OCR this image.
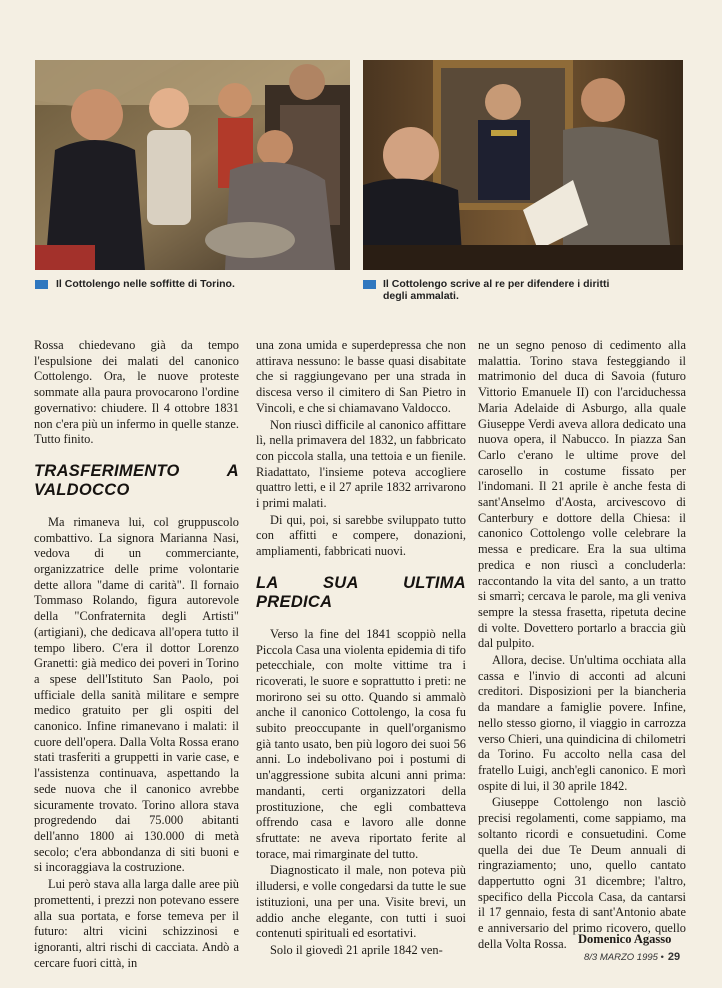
Il Cottolengo nelle soffitte di Torino.	Il Cottolengo scrive al re per difendere i diritti degli ammalati.

Rossa chiedevano già da tempo l'espulsione dei malati del canonico Cottolengo. Ora, le nuove proteste sommate alla paura provocarono l'ordine governativo: chiudere. Il 4 ottobre 1831 non c'era più un infermo in quelle stanze. Tutto finito.

TRASFERIMENTO A VALDOCCO

Ma rimaneva lui, col gruppuscolo combattivo. La signora Marianna Nasi, vedova di un commerciante, organizzatrice delle prime volontarie dette allora "dame di carità". Il fornaio Tommaso Rolando, figura autorevole della "Confraternita degli Artisti" (artigiani), che dedicava all'opera tutto il tempo libero. C'era il dottor Lorenzo Granetti: già medico dei poveri in Torino a spese dell'Istituto San Paolo, poi ufficiale della sanità militare e sempre medico gratuito per gli ospiti del canonico. Infine rimanevano i malati: il cuore dell'opera. Dalla Volta Rossa erano stati trasferiti a gruppetti in varie case, e l'assistenza continuava, aspettando la sede nuova che il canonico avrebbe sicuramente trovato. Torino allora stava progredendo dai 75.000 abitanti dell'anno 1800 ai 130.000 di metà secolo; c'era abbondanza di siti buoni e si incoraggiava la costruzione.

Lui però stava alla larga dalle aree più promettenti, i prezzi non potevano essere alla sua portata, e forse temeva per il futuro: altri vicini schizzinosi e ignoranti, altri rischi di cacciata. Andò a cercare fuori città, in

una zona umida e superdepressa che non attirava nessuno: le basse quasi disabitate che si raggiungevano per una strada in discesa verso il cimitero di San Pietro in Vincoli, e che si chiamavano Valdocco.

Non riuscì difficile al canonico affittare lì, nella primavera del 1832, un fabbricato con piccola stalla, una tettoia e un fienile. Riadattato, l'insieme poteva accogliere quattro letti, e il 27 aprile 1832 arrivarono i primi malati.

Di qui, poi, si sarebbe sviluppato tutto con affitti e compere, donazioni, ampliamenti, fabbricati nuovi.

LA SUA ULTIMA PREDICA

Verso la fine del 1841 scoppiò nella Piccola Casa una violenta epidemia di tifo petecchiale, con molte vittime tra i ricoverati, le suore e soprattutto i preti: ne morirono sei su otto. Quando si ammalò anche il canonico Cottolengo, la cosa fu subito preoccupante in quell'organismo già tanto usato, ben più logoro dei suoi 56 anni. Lo indebolivano poi i postumi di un'aggressione subita alcuni anni prima: mandanti, certi organizzatori della prostituzione, che egli combatteva offrendo casa e lavoro alle donne sfruttate: ne aveva riportato ferite al torace, mai rimarginate del tutto.

Diagnosticato il male, non poteva più illudersi, e volle congedarsi da tutte le sue istituzioni, una per una. Visite brevi, un addio anche elegante, con tutti i suoi contenuti spirituali ed esortativi.

Solo il giovedì 21 aprile 1842 ven-

ne un segno penoso di cedimento alla malattia. Torino stava festeggiando il matrimonio del duca di Savoia (futuro Vittorio Emanuele II) con l'arciduchessa Maria Adelaide di Asburgo, alla quale Giuseppe Verdi aveva allora dedicato una nuova opera, il Nabucco. In piazza San Carlo c'erano le ultime prove del carosello in costume fissato per l'indomani. Il 21 aprile è anche festa di sant'Anselmo d'Aosta, arcivescovo di Canterbury e dottore della Chiesa: il canonico Cottolengo volle celebrare la messa e predicare. Era la sua ultima predica e non riuscì a concluderla: raccontando la vita del santo, a un tratto si smarrì; cercava le parole, ma gli veniva sempre la stessa frasetta, ripetuta decine di volte. Dovettero portarlo a braccia giù dal pulpito.

Allora, decise. Un'ultima occhiata alla cassa e l'invio di acconti ad alcuni creditori. Disposizioni per la biancheria da mandare a famiglie povere. Infine, nello stesso giorno, il viaggio in carrozza verso Chieri, una quindicina di chilometri da Torino. Fu accolto nella casa del fratello Luigi, anch'egli canonico. E morì ospite di lui, il 30 aprile 1842.

Giuseppe Cottolengo non lasciò precisi regolamenti, come sappiamo, ma soltanto ricordi e consuetudini. Come quella dei due Te Deum annuali di ringraziamento; uno, quello cantato dappertutto ogni 31 dicembre; l'altro, specifico della Piccola Casa, da cantarsi il 17 gennaio, festa di sant'Antonio abate e anniversario del primo ricovero, quello della Volta Rossa. Domenico Agasso
8/3 MARZO 1995 • 29
